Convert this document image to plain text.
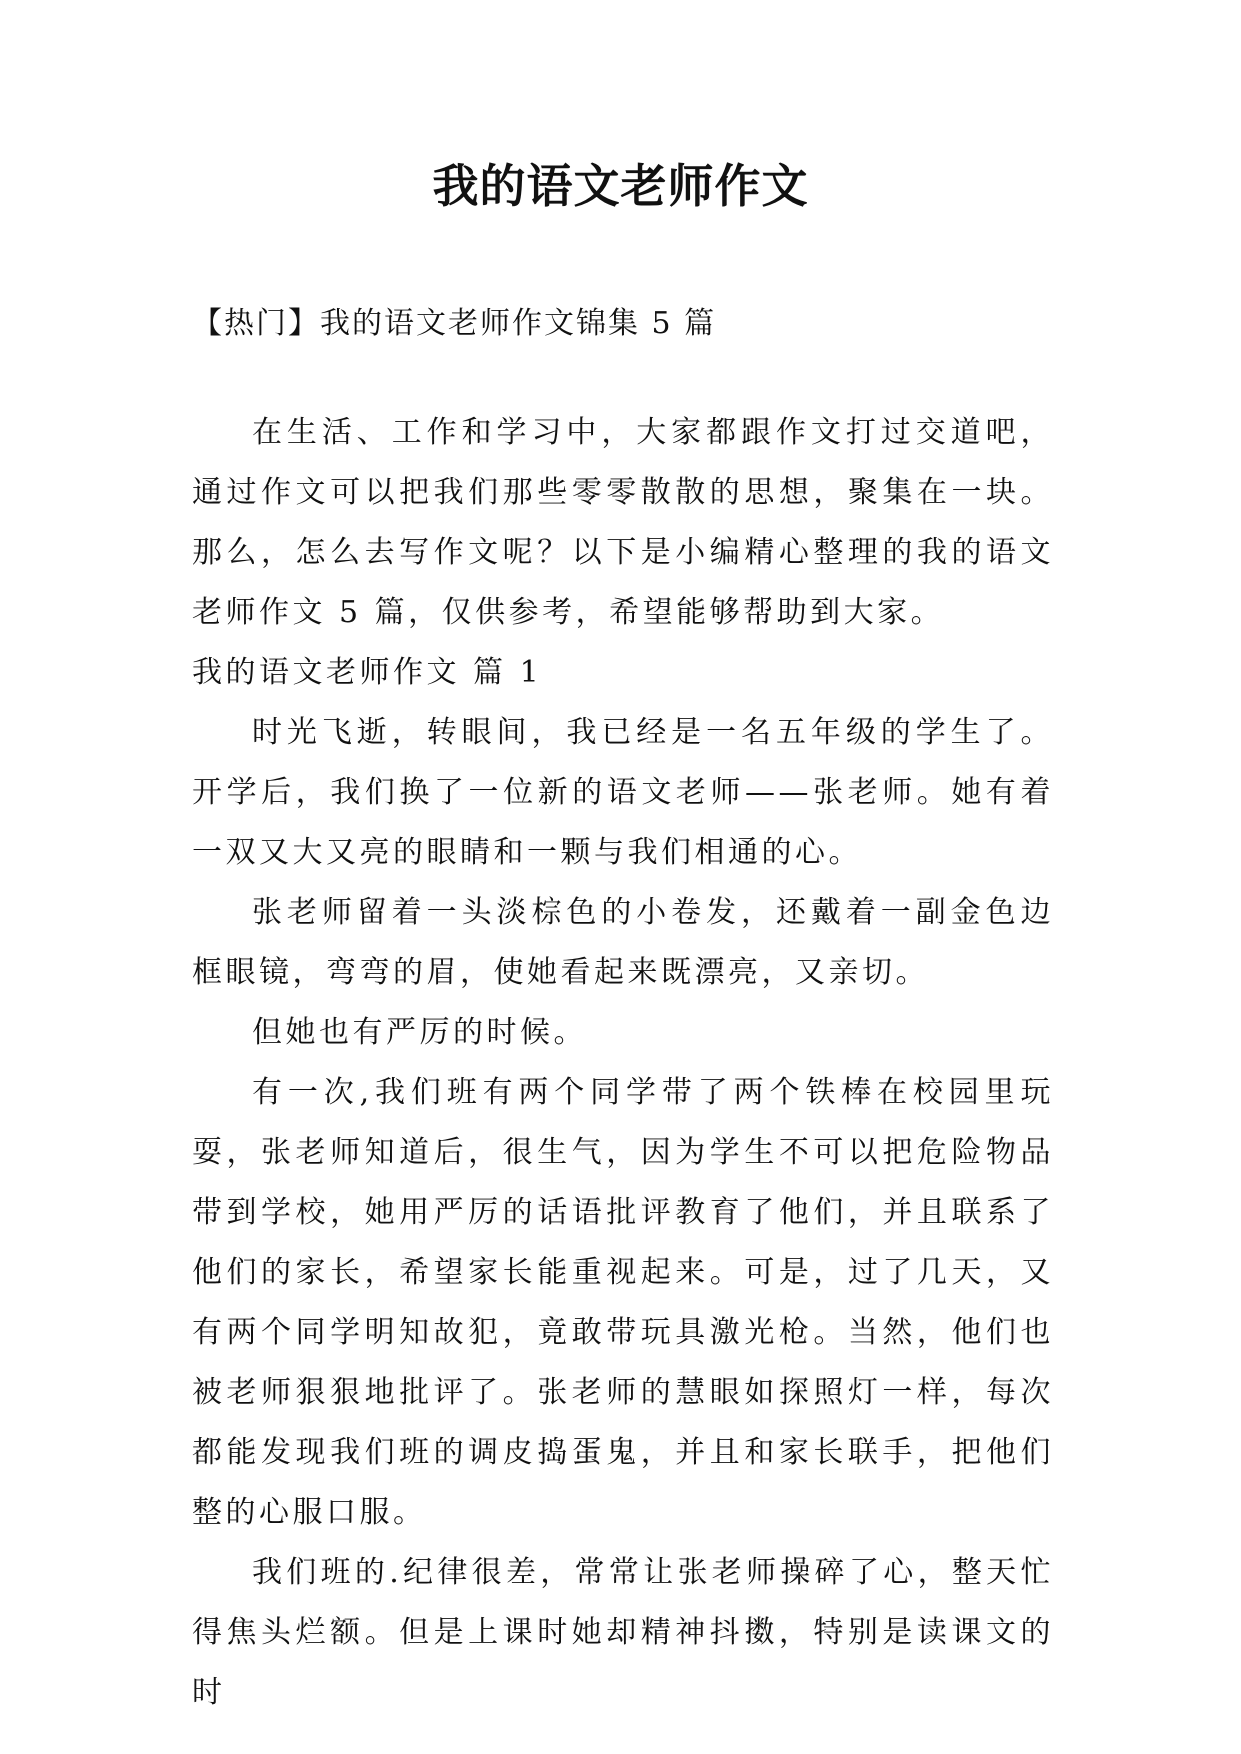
我的语文老师作文
【热门】我的语文老师作文锦集 5 篇

在生活、工作和学习中，大家都跟作文打过交道吧，通过作文可以把我们那些零零散散的思想，聚集在一块。那么，怎么去写作文呢？以下是小编精心整理的我的语文老师作文 5 篇，仅供参考，希望能够帮助到大家。

我的语文老师作文 篇 1

时光飞逝，转眼间，我已经是一名五年级的学生了。开学后，我们换了一位新的语文老师——张老师。她有着一双又大又亮的眼睛和一颗与我们相通的心。

张老师留着一头淡棕色的小卷发，还戴着一副金色边框眼镜，弯弯的眉，使她看起来既漂亮，又亲切。

但她也有严厉的时候。

有一次,我们班有两个同学带了两个铁棒在校园里玩耍，张老师知道后，很生气，因为学生不可以把危险物品带到学校，她用严厉的话语批评教育了他们，并且联系了他们的家长，希望家长能重视起来。可是，过了几天，又有两个同学明知故犯，竟敢带玩具激光枪。当然，他们也被老师狠狠地批评了。张老师的慧眼如探照灯一样，每次都能发现我们班的调皮捣蛋鬼，并且和家长联手，把他们整的心服口服。

我们班的.纪律很差，常常让张老师操碎了心，整天忙得焦头烂额。但是上课时她却精神抖擞，特别是读课文的时
